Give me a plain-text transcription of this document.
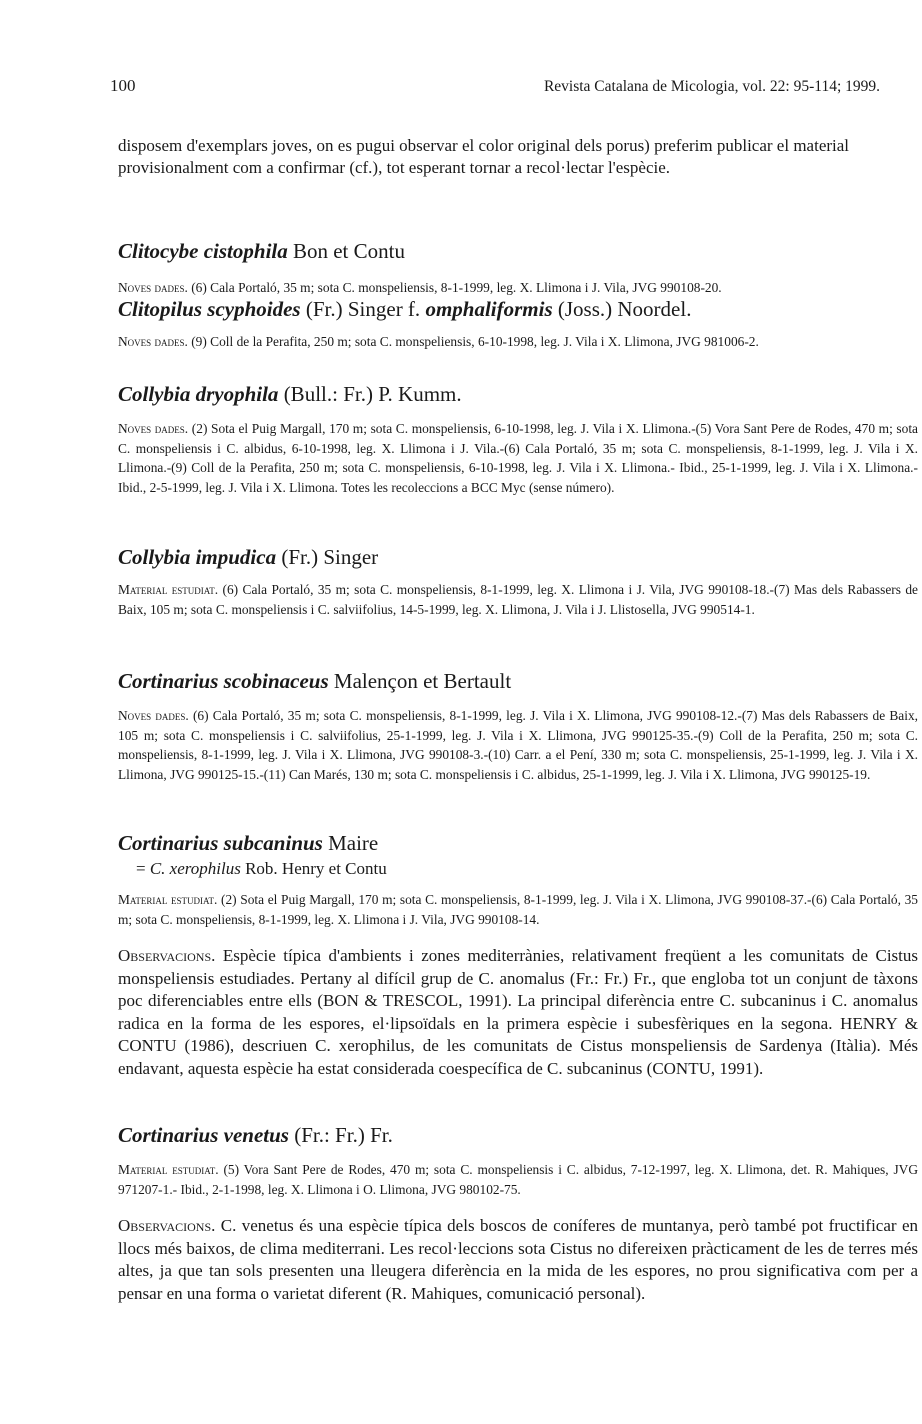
100	Revista Catalana de Micologia, vol. 22: 95-114; 1999.

disposem d'exemplars joves, on es pugui observar el color original dels porus) preferim publicar el material provisionalment com a confirmar (cf.), tot esperant tornar a recol·lectar l'espècie.

Clitocybe cistophila Bon et Contu

Noves dades. (6) Cala Portaló, 35 m; sota C. monspeliensis, 8-1-1999, leg. X. Llimona i J. Vila, JVG 990108-20.

Clitopilus scyphoides (Fr.) Singer f. omphaliformis (Joss.) Noordel.

Noves dades. (9) Coll de la Perafita, 250 m; sota C. monspeliensis, 6-10-1998, leg. J. Vila i X. Llimona, JVG 981006-2.

Collybia dryophila (Bull.: Fr.) P. Kumm.

Noves dades. (2) Sota el Puig Margall, 170 m; sota C. monspeliensis, 6-10-1998, leg. J. Vila i X. Llimona.-(5) Vora Sant Pere de Rodes, 470 m; sota C. monspeliensis i C. albidus, 6-10-1998, leg. X. Llimona i J. Vila.-(6) Cala Portaló, 35 m; sota C. monspeliensis, 8-1-1999, leg. J. Vila i X. Llimona.-(9) Coll de la Perafita, 250 m; sota C. monspeliensis, 6-10-1998, leg. J. Vila i X. Llimona.- Ibid., 25-1-1999, leg. J. Vila i X. Llimona.- Ibid., 2-5-1999, leg. J. Vila i X. Llimona. Totes les recoleccions a BCC Myc (sense número).

Collybia impudica (Fr.) Singer

Material estudiat. (6) Cala Portaló, 35 m; sota C. monspeliensis, 8-1-1999, leg. X. Llimona i J. Vila, JVG 990108-18.-(7) Mas dels Rabassers de Baix, 105 m; sota C. monspeliensis i C. salviifolius, 14-5-1999, leg. X. Llimona, J. Vila i J. Llistosella, JVG 990514-1.

Cortinarius scobinaceus Malençon et Bertault

Noves dades. (6) Cala Portaló, 35 m; sota C. monspeliensis, 8-1-1999, leg. J. Vila i X. Llimona, JVG 990108-12.-(7) Mas dels Rabassers de Baix, 105 m; sota C. monspeliensis i C. salviifolius, 25-1-1999, leg. J. Vila i X. Llimona, JVG 990125-35.-(9) Coll de la Perafita, 250 m; sota C. monspeliensis, 8-1-1999, leg. J. Vila i X. Llimona, JVG 990108-3.-(10) Carr. a el Pení, 330 m; sota C. monspeliensis, 25-1-1999, leg. J. Vila i X. Llimona, JVG 990125-15.-(11) Can Marés, 130 m; sota C. monspeliensis i C. albidus, 25-1-1999, leg. J. Vila i X. Llimona, JVG 990125-19.

Cortinarius subcaninus Maire

= C. xerophilus Rob. Henry et Contu

Material estudiat. (2) Sota el Puig Margall, 170 m; sota C. monspeliensis, 8-1-1999, leg. J. Vila i X. Llimona, JVG 990108-37.-(6) Cala Portaló, 35 m; sota C. monspeliensis, 8-1-1999, leg. X. Llimona i J. Vila, JVG 990108-14.

Observacions. Espècie típica d'ambients i zones mediterrànies, relativament freqüent a les comunitats de Cistus monspeliensis estudiades. Pertany al difícil grup de C. anomalus (Fr.: Fr.) Fr., que engloba tot un conjunt de tàxons poc diferenciables entre ells (BON & TRESCOL, 1991). La principal diferència entre C. subcaninus i C. anomalus radica en la forma de les espores, el·lipsoïdals en la primera espècie i subesfèriques en la segona. HENRY & CONTU (1986), descriuen C. xerophilus, de les comunitats de Cistus monspeliensis de Sardenya (Itàlia). Més endavant, aquesta espècie ha estat considerada coespecífica de C. subcaninus (CONTU, 1991).

Cortinarius venetus (Fr.: Fr.) Fr.

Material estudiat. (5) Vora Sant Pere de Rodes, 470 m; sota C. monspeliensis i C. albidus, 7-12-1997, leg. X. Llimona, det. R. Mahiques, JVG 971207-1.- Ibid., 2-1-1998, leg. X. Llimona i O. Llimona, JVG 980102-75.

Observacions. C. venetus és una espècie típica dels boscos de coníferes de muntanya, però també pot fructificar en llocs més baixos, de clima mediterrani. Les recol·leccions sota Cistus no difereixen pràcticament de les de terres més altes, ja que tan sols presenten una lleugera diferència en la mida de les espores, no prou significativa com per a pensar en una forma o varietat diferent (R. Mahiques, comunicació personal).
